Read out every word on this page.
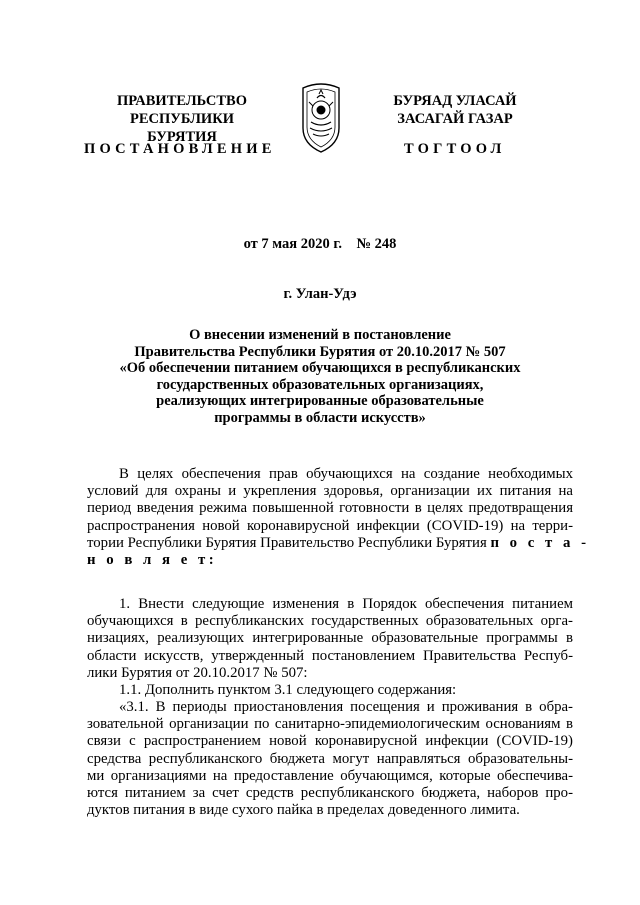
ПРАВИТЕЛЬСТВО
РЕСПУБЛИКИ БУРЯТИЯ
ПОСТАНОВЛЕНИЕ
БУРЯАД УЛАСАЙ
ЗАСАГАЙ ГАЗАР
ТОГТООЛ
от 7 мая 2020 г. № 248
г. Улан-Удэ
О внесении изменений в постановление
Правительства Республики Бурятия от 20.10.2017 № 507
«Об обеспечении питанием обучающихся в республиканских
государственных образовательных организациях,
реализующих интегрированные образовательные
программы в области искусств»
В целях обеспечения прав обучающихся на создание необходимых
условий для охраны и укрепления здоровья, организации их питания на
период введения режима повышенной готовности в целях предотвращения
распространения новой коронавирусной инфекции (COVID-19) на терри-
тории Республики Бурятия Правительство Республики Бурятия п о с т а -
н о в л я е т:
1. Внести следующие изменения в Порядок обеспечения питанием
обучающихся в республиканских государственных образовательных орга-
низациях, реализующих интегрированные образовательные программы в
области искусств, утвержденный постановлением Правительства Респуб-
лики Бурятия от 20.10.2017 № 507:
1.1. Дополнить пунктом 3.1 следующего содержания:
«3.1. В периоды приостановления посещения и проживания в обра-
зовательной организации по санитарно-эпидемиологическим основаниям в
связи с распространением новой коронавирусной инфекции (COVID-19)
средства республиканского бюджета могут направляться образовательны-
ми организациями на предоставление обучающимся, которые обеспечива-
ются питанием за счет средств республиканского бюджета, наборов про-
дуктов питания в виде сухого пайка в пределах доведенного лимита.
